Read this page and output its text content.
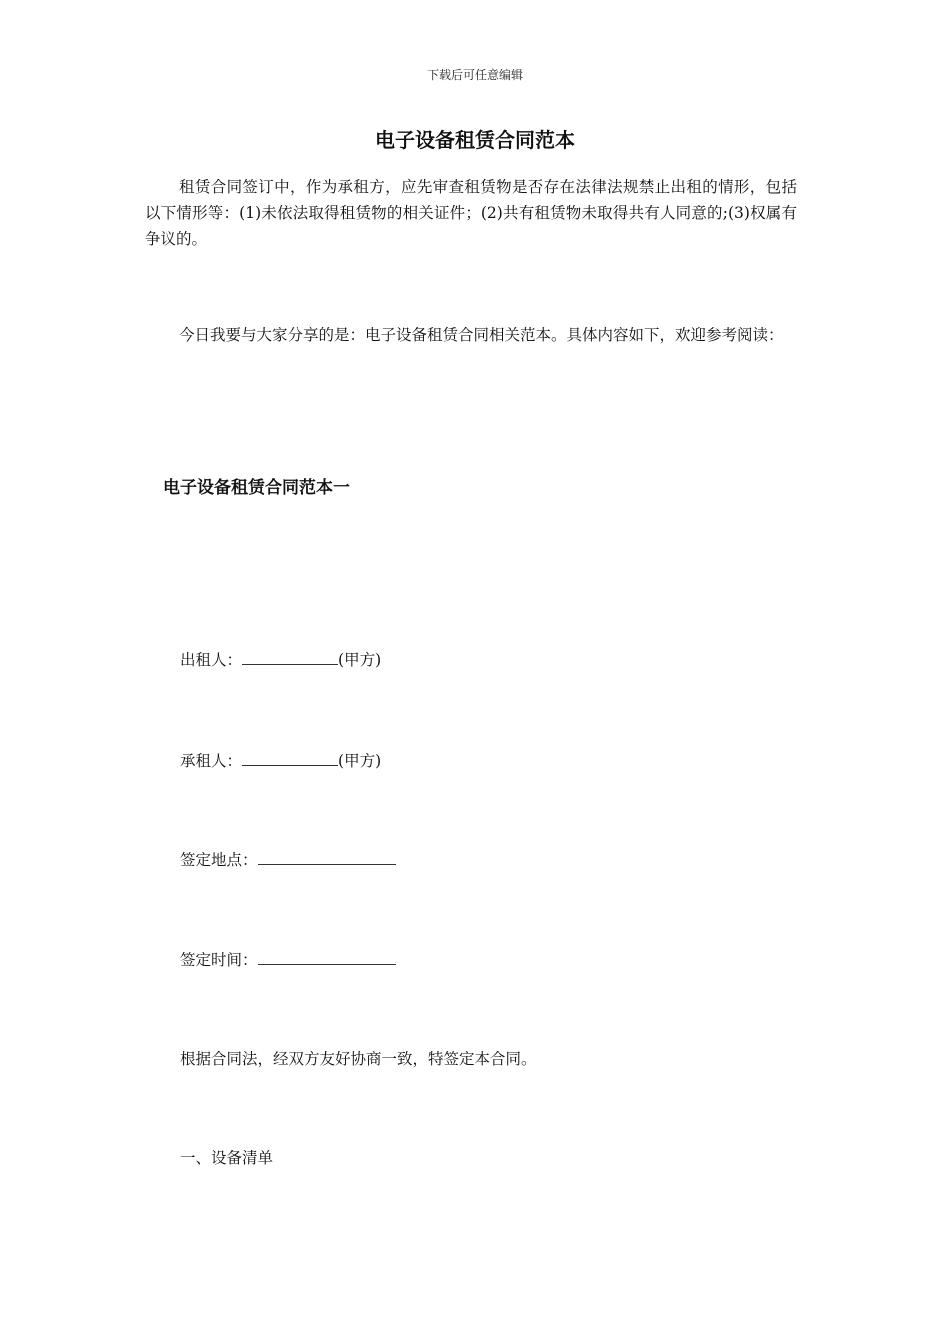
下载后可任意编辑
电子设备租赁合同范本
租赁合同签订中，作为承租方，应先审查租赁物是否存在法律法规禁止出租的情形，包括以下情形等：(1)未依法取得租赁物的相关证件；(2)共有租赁物未取得共有人同意的;(3)权属有争议的。
今日我要与大家分享的是：电子设备租赁合同相关范本。具体内容如下，欢迎参考阅读：
电子设备租赁合同范本一
出租人：	(甲方)
承租人：	(甲方)
签定地点：
签定时间：
根据合同法，经双方友好协商一致，特签定本合同。
一、设备清单
